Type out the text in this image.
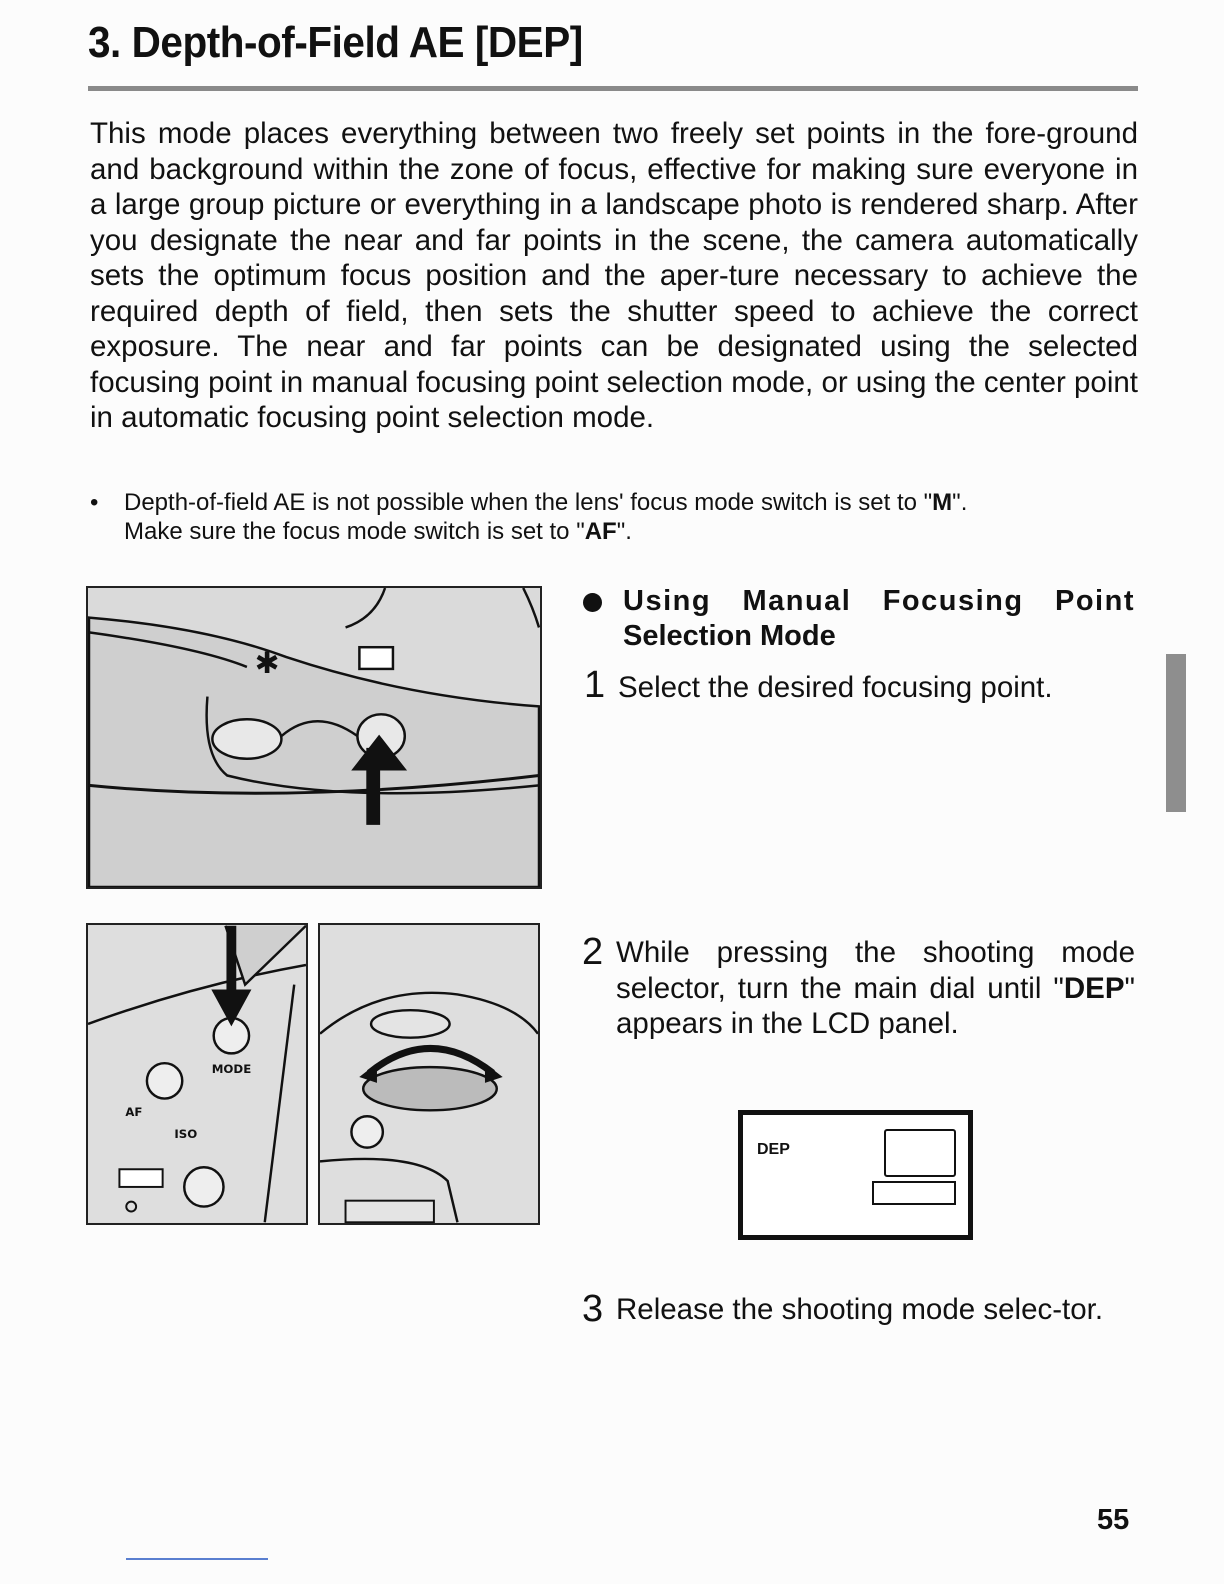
3. Depth-of-Field AE [DEP]

This mode places everything between two freely set points in the fore-ground and background within the zone of focus, effective for making sure everyone in a large group picture or everything in a landscape photo is rendered sharp. After you designate the near and far points in the scene, the camera automatically sets the optimum focus position and the aper-ture necessary to achieve the required depth of field, then sets the shutter speed to achieve the correct exposure. The near and far points can be designated using the selected focusing point in manual focusing point selection mode, or using the center point in automatic focusing point selection mode.

• Depth-of-field AE is not possible when the lens' focus mode switch is set to "M".
Make sure the focus mode switch is set to "AF".
✱
MODE
AF
ISO
Using Manual Focusing Point
Selection Mode
1 Select the desired focusing point.
2 While pressing the shooting mode selector, turn the main dial until "DEP" appears in the LCD panel.
DEP
3 Release the shooting mode selec-tor.
55
